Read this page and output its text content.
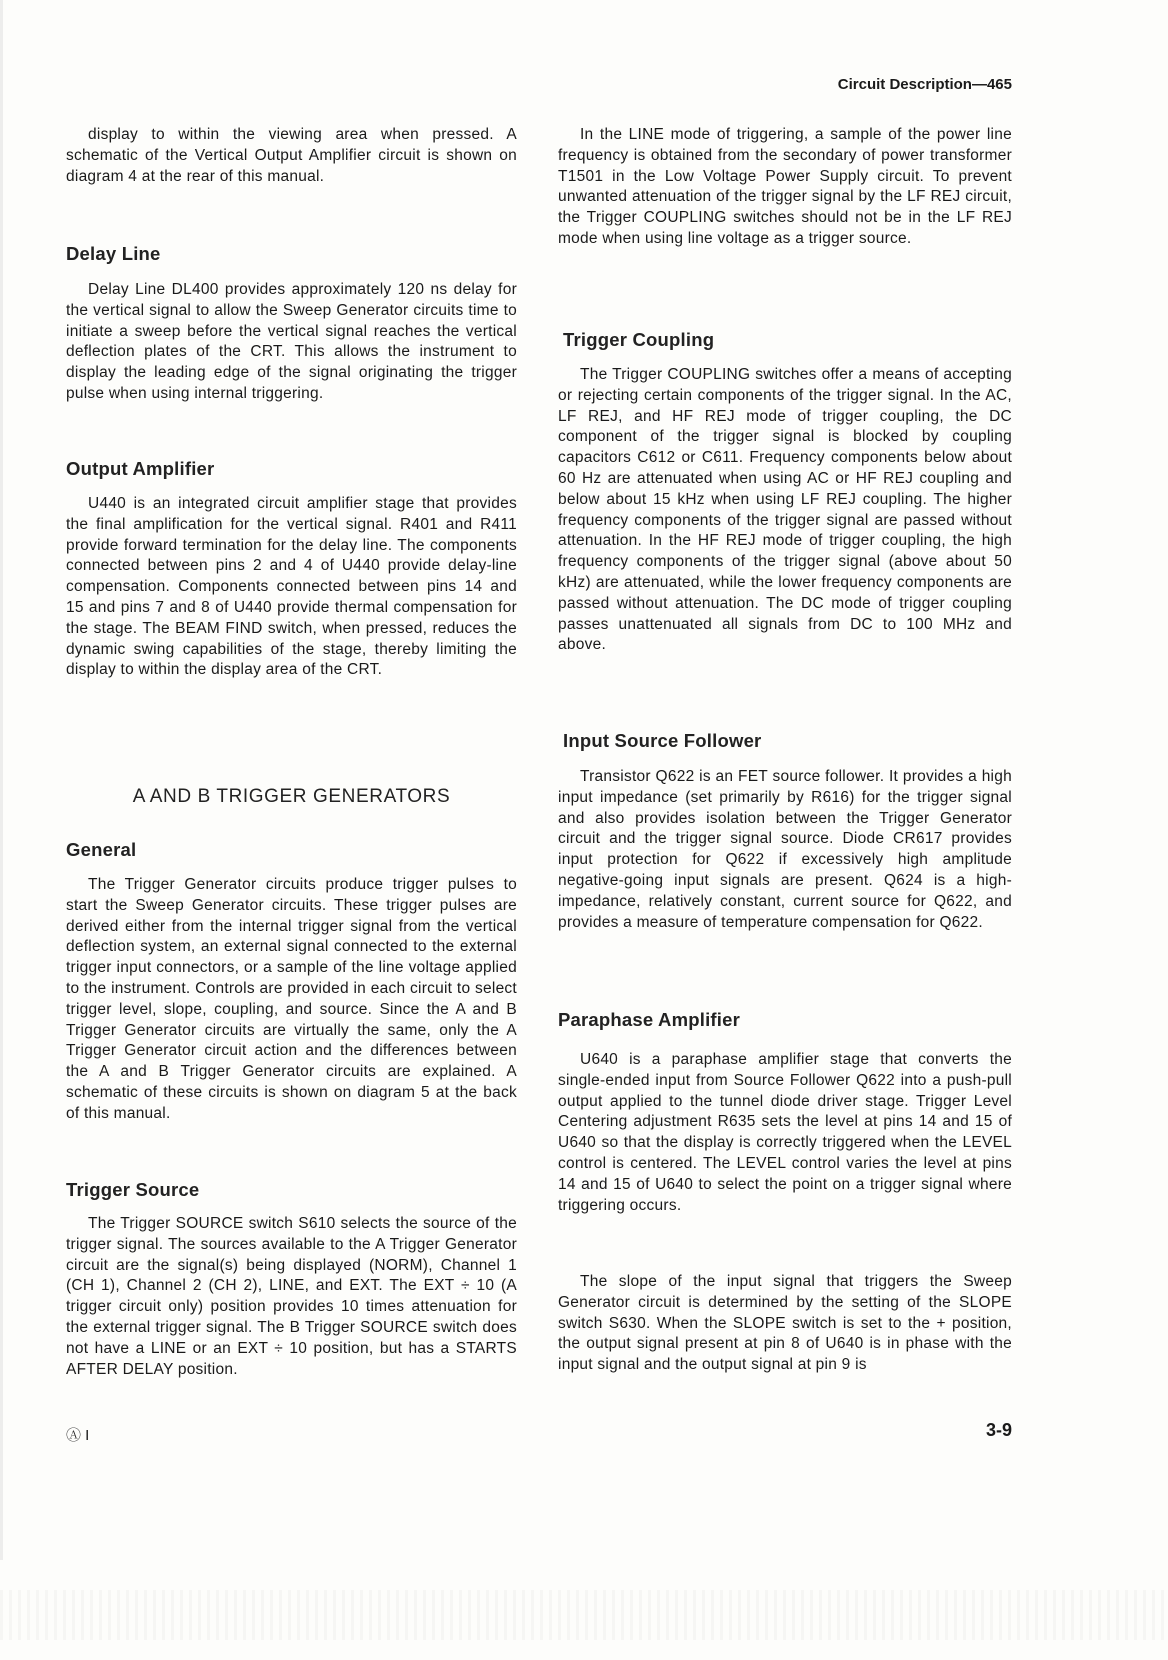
Circuit Description—465

display to within the viewing area when pressed. A schematic of the Vertical Output Amplifier circuit is shown on diagram 4 at the rear of this manual.

Delay Line

Delay Line DL400 provides approximately 120 ns delay for the vertical signal to allow the Sweep Generator circuits time to initiate a sweep before the vertical signal reaches the vertical deflection plates of the CRT. This allows the instrument to display the leading edge of the signal originating the trigger pulse when using internal triggering.

Output Amplifier

U440 is an integrated circuit amplifier stage that provides the final amplification for the vertical signal. R401 and R411 provide forward termination for the delay line. The components connected between pins 2 and 4 of U440 provide delay-line compensation. Components connected between pins 14 and 15 and pins 7 and 8 of U440 provide thermal compensation for the stage. The BEAM FIND switch, when pressed, reduces the dynamic swing capabilities of the stage, thereby limiting the display to within the display area of the CRT.

A AND B TRIGGER GENERATORS
General

The Trigger Generator circuits produce trigger pulses to start the Sweep Generator circuits. These trigger pulses are derived either from the internal trigger signal from the vertical deflection system, an external signal connected to the external trigger input connectors, or a sample of the line voltage applied to the instrument. Controls are provided in each circuit to select trigger level, slope, coupling, and source. Since the A and B Trigger Generator circuits are virtually the same, only the A Trigger Generator circuit action and the differences between the A and B Trigger Generator circuits are explained. A schematic of these circuits is shown on diagram 5 at the back of this manual.

Trigger Source

The Trigger SOURCE switch S610 selects the source of the trigger signal. The sources available to the A Trigger Generator circuit are the signal(s) being displayed (NORM), Channel 1 (CH 1), Channel 2 (CH 2), LINE, and EXT. The EXT ÷ 10 (A trigger circuit only) position provides 10 times attenuation for the external trigger signal. The B Trigger SOURCE switch does not have a LINE or an EXT ÷ 10 position, but has a STARTS AFTER DELAY position.

In the LINE mode of triggering, a sample of the power line frequency is obtained from the secondary of power transformer T1501 in the Low Voltage Power Supply circuit. To prevent unwanted attenuation of the trigger signal by the LF REJ circuit, the Trigger COUPLING switches should not be in the LF REJ mode when using line voltage as a trigger source.

Trigger Coupling

The Trigger COUPLING switches offer a means of accepting or rejecting certain components of the trigger signal. In the AC, LF REJ, and HF REJ mode of trigger coupling, the DC component of the trigger signal is blocked by coupling capacitors C612 or C611. Frequency components below about 60 Hz are attenuated when using AC or HF REJ coupling and below about 15 kHz when using LF REJ coupling. The higher frequency components of the trigger signal are passed without attenuation. In the HF REJ mode of trigger coupling, the high frequency components of the trigger signal (above about 50 kHz) are attenuated, while the lower frequency components are passed without attenuation. The DC mode of trigger coupling passes unattenuated all signals from DC to 100 MHz and above.

Input Source Follower

Transistor Q622 is an FET source follower. It provides a high input impedance (set primarily by R616) for the trigger signal and also provides isolation between the Trigger Generator circuit and the trigger signal source. Diode CR617 provides input protection for Q622 if excessively high amplitude negative-going input signals are present. Q624 is a high-impedance, relatively constant, current source for Q622, and provides a measure of temperature compensation for Q622.

Paraphase Amplifier

U640 is a paraphase amplifier stage that converts the single-ended input from Source Follower Q622 into a push-pull output applied to the tunnel diode driver stage. Trigger Level Centering adjustment R635 sets the level at pins 14 and 15 of U640 so that the display is correctly triggered when the LEVEL control is centered. The LEVEL control varies the level at pins 14 and 15 of U640 to select the point on a trigger signal where triggering occurs.

The slope of the input signal that triggers the Sweep Generator circuit is determined by the setting of the SLOPE switch S630. When the SLOPE switch is set to the + position, the output signal present at pin 8 of U640 is in phase with the input signal and the output signal at pin 9 is

Ⓐ I	3-9
